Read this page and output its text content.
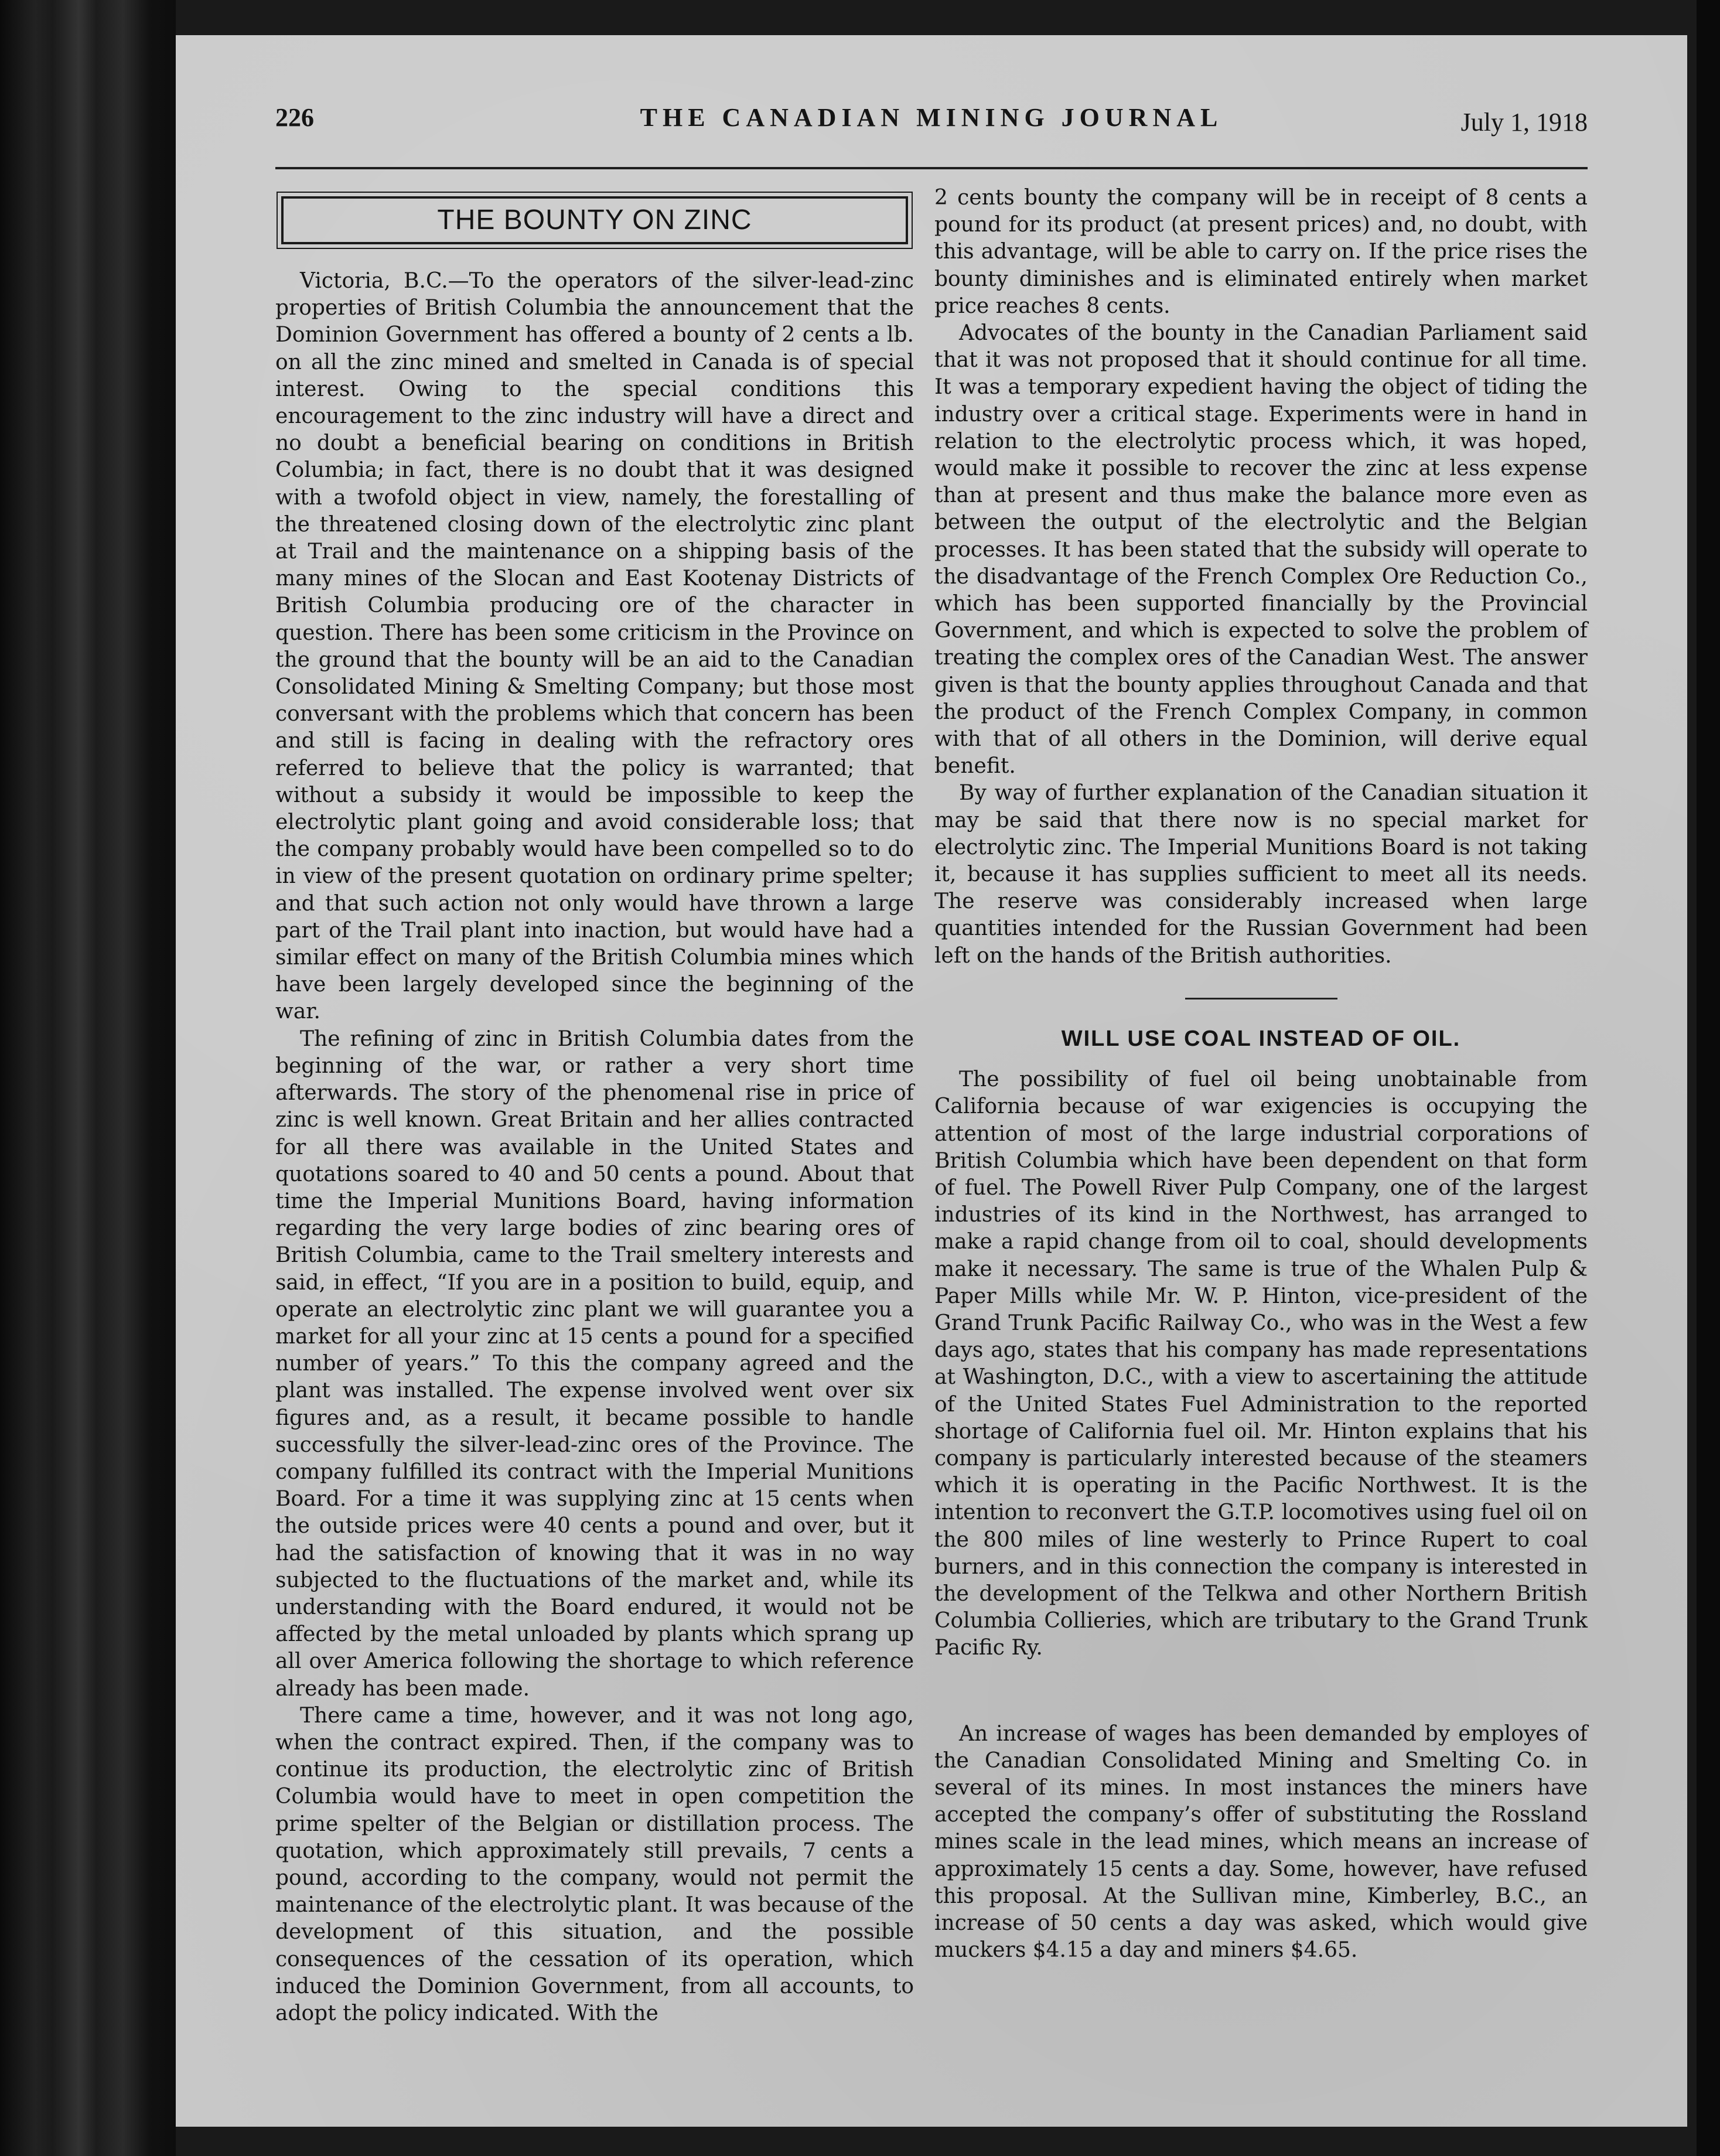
226	THE CANADIAN MINING JOURNAL	July 1, 1918
THE BOUNTY ON ZINC

Victoria, B.C.—To the operators of the silver-lead-zinc properties of British Columbia the announcement that the Dominion Government has offered a bounty of 2 cents a lb. on all the zinc mined and smelted in Canada is of special interest. Owing to the special conditions this encouragement to the zinc industry will have a direct and no doubt a beneficial bearing on conditions in British Columbia; in fact, there is no doubt that it was designed with a twofold object in view, namely, the forestalling of the threatened closing down of the electrolytic zinc plant at Trail and the maintenance on a shipping basis of the many mines of the Slocan and East Kootenay Districts of British Columbia producing ore of the character in question. There has been some criticism in the Province on the ground that the bounty will be an aid to the Canadian Consolidated Mining & Smelting Company; but those most conversant with the problems which that concern has been and still is facing in dealing with the refractory ores referred to believe that the policy is warranted; that without a subsidy it would be impossible to keep the electrolytic plant going and avoid considerable loss; that the company probably would have been compelled so to do in view of the present quotation on ordinary prime spelter; and that such action not only would have thrown a large part of the Trail plant into inaction, but would have had a similar effect on many of the British Columbia mines which have been largely developed since the beginning of the war.

The refining of zinc in British Columbia dates from the beginning of the war, or rather a very short time afterwards. The story of the phenomenal rise in price of zinc is well known. Great Britain and her allies contracted for all there was available in the United States and quotations soared to 40 and 50 cents a pound. About that time the Imperial Munitions Board, having information regarding the very large bodies of zinc bearing ores of British Columbia, came to the Trail smeltery interests and said, in effect, “If you are in a position to build, equip, and operate an electrolytic zinc plant we will guarantee you a market for all your zinc at 15 cents a pound for a specified number of years.” To this the company agreed and the plant was installed. The expense involved went over six figures and, as a result, it became possible to handle successfully the silver-lead-zinc ores of the Province. The company fulfilled its contract with the Imperial Munitions Board. For a time it was supplying zinc at 15 cents when the outside prices were 40 cents a pound and over, but it had the satisfaction of knowing that it was in no way subjected to the fluctuations of the market and, while its understanding with the Board endured, it would not be affected by the metal unloaded by plants which sprang up all over America following the shortage to which reference already has been made.

There came a time, however, and it was not long ago, when the contract expired. Then, if the company was to continue its production, the electrolytic zinc of British Columbia would have to meet in open competition the prime spelter of the Belgian or distillation process. The quotation, which approximately still prevails, 7 cents a pound, according to the company, would not permit the maintenance of the electrolytic plant. It was because of the development of this situation, and the possible consequences of the cessation of its operation, which induced the Dominion Government, from all accounts, to adopt the policy indicated. With the

2 cents bounty the company will be in receipt of 8 cents a pound for its product (at present prices) and, no doubt, with this advantage, will be able to carry on. If the price rises the bounty diminishes and is eliminated entirely when market price reaches 8 cents.

Advocates of the bounty in the Canadian Parliament said that it was not proposed that it should continue for all time. It was a temporary expedient having the object of tiding the industry over a critical stage. Experiments were in hand in relation to the electrolytic process which, it was hoped, would make it possible to recover the zinc at less expense than at present and thus make the balance more even as between the output of the electrolytic and the Belgian processes. It has been stated that the subsidy will operate to the disadvantage of the French Complex Ore Reduction Co., which has been supported financially by the Provincial Government, and which is expected to solve the problem of treating the complex ores of the Canadian West. The answer given is that the bounty applies throughout Canada and that the product of the French Complex Company, in common with that of all others in the Dominion, will derive equal benefit.

By way of further explanation of the Canadian situation it may be said that there now is no special market for electrolytic zinc. The Imperial Munitions Board is not taking it, because it has supplies sufficient to meet all its needs. The reserve was considerably increased when large quantities intended for the Russian Government had been left on the hands of the British authorities.

WILL USE COAL INSTEAD OF OIL.

The possibility of fuel oil being unobtainable from California because of war exigencies is occupying the attention of most of the large industrial corporations of British Columbia which have been dependent on that form of fuel. The Powell River Pulp Company, one of the largest industries of its kind in the Northwest, has arranged to make a rapid change from oil to coal, should developments make it necessary. The same is true of the Whalen Pulp & Paper Mills while Mr. W. P. Hinton, vice-president of the Grand Trunk Pacific Railway Co., who was in the West a few days ago, states that his company has made representations at Washington, D.C., with a view to ascertaining the attitude of the United States Fuel Administration to the reported shortage of California fuel oil. Mr. Hinton explains that his company is particularly interested because of the steamers which it is operating in the Pacific Northwest. It is the intention to reconvert the G.T.P. locomotives using fuel oil on the 800 miles of line westerly to Prince Rupert to coal burners, and in this connection the company is interested in the development of the Telkwa and other Northern British Columbia Collieries, which are tributary to the Grand Trunk Pacific Ry.

An increase of wages has been demanded by employes of the Canadian Consolidated Mining and Smelting Co. in several of its mines. In most instances the miners have accepted the company’s offer of substituting the Rossland mines scale in the lead mines, which means an increase of approximately 15 cents a day. Some, however, have refused this proposal. At the Sullivan mine, Kimberley, B.C., an increase of 50 cents a day was asked, which would give muckers $4.15 a day and miners $4.65.
